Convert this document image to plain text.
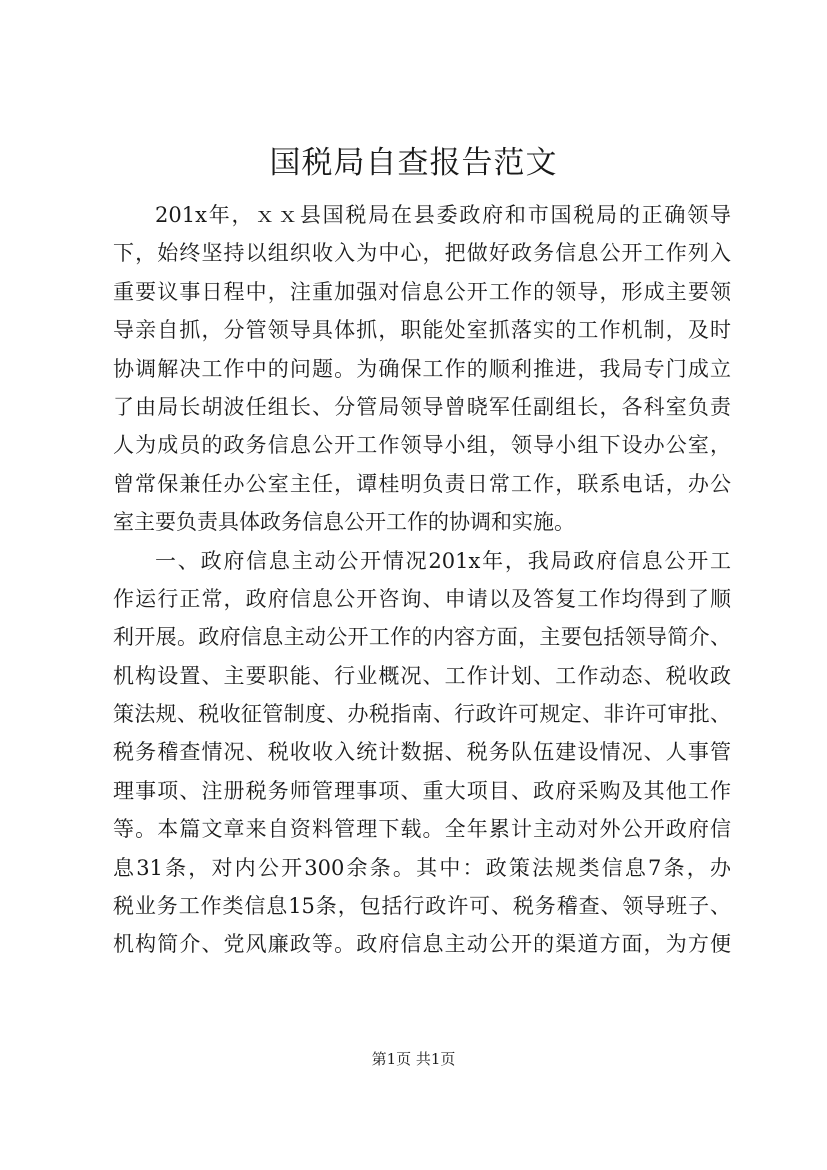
国税局自查报告范文
201x年，ｘｘ县国税局在县委政府和市国税局的正确领导
下，始终坚持以组织收入为中心，把做好政务信息公开工作列入
重要议事日程中，注重加强对信息公开工作的领导，形成主要领
导亲自抓，分管领导具体抓，职能处室抓落实的工作机制，及时
协调解决工作中的问题。为确保工作的顺利推进，我局专门成立
了由局长胡波任组长、分管局领导曾晓军任副组长，各科室负责
人为成员的政务信息公开工作领导小组，领导小组下设办公室，
曾常保兼任办公室主任，谭桂明负责日常工作，联系电话，办公
室主要负责具体政务信息公开工作的协调和实施。
一、政府信息主动公开情况201x年，我局政府信息公开工
作运行正常，政府信息公开咨询、申请以及答复工作均得到了顺
利开展。政府信息主动公开工作的内容方面，主要包括领导简介、
机构设置、主要职能、行业概况、工作计划、工作动态、税收政
策法规、税收征管制度、办税指南、行政许可规定、非许可审批、
税务稽查情况、税收收入统计数据、税务队伍建设情况、人事管
理事项、注册税务师管理事项、重大项目、政府采购及其他工作
等。本篇文章来自资料管理下载。全年累计主动对外公开政府信
息31条，对内公开300余条。其中：政策法规类信息7条，办
税业务工作类信息15条，包括行政许可、税务稽查、领导班子、
机构简介、党风廉政等。政府信息主动公开的渠道方面，为方便
第1页 共1页
